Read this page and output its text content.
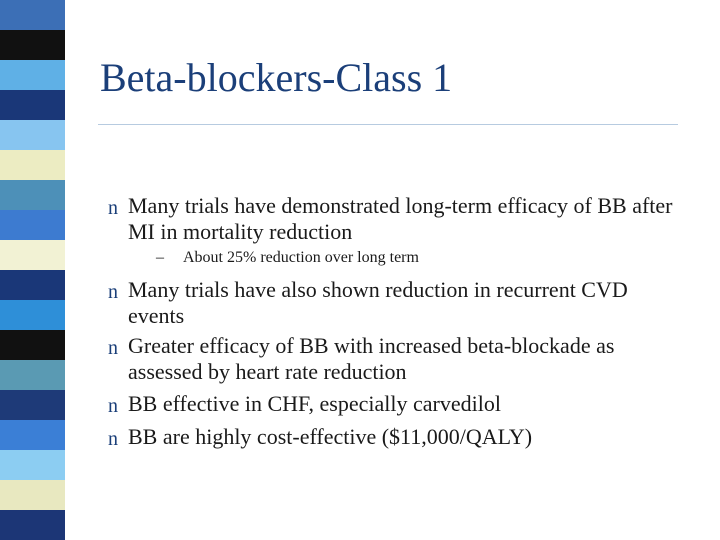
Beta-blockers-Class 1
n Many trials have demonstrated long-term efficacy of BB after MI in mortality reduction
– About 25% reduction over long term
n Many trials have also shown reduction in recurrent CVD events
n Greater efficacy of BB with increased beta-blockade as assessed by heart rate reduction
n BB effective in CHF, especially carvedilol
n BB are highly cost-effective ($11,000/QALY)
